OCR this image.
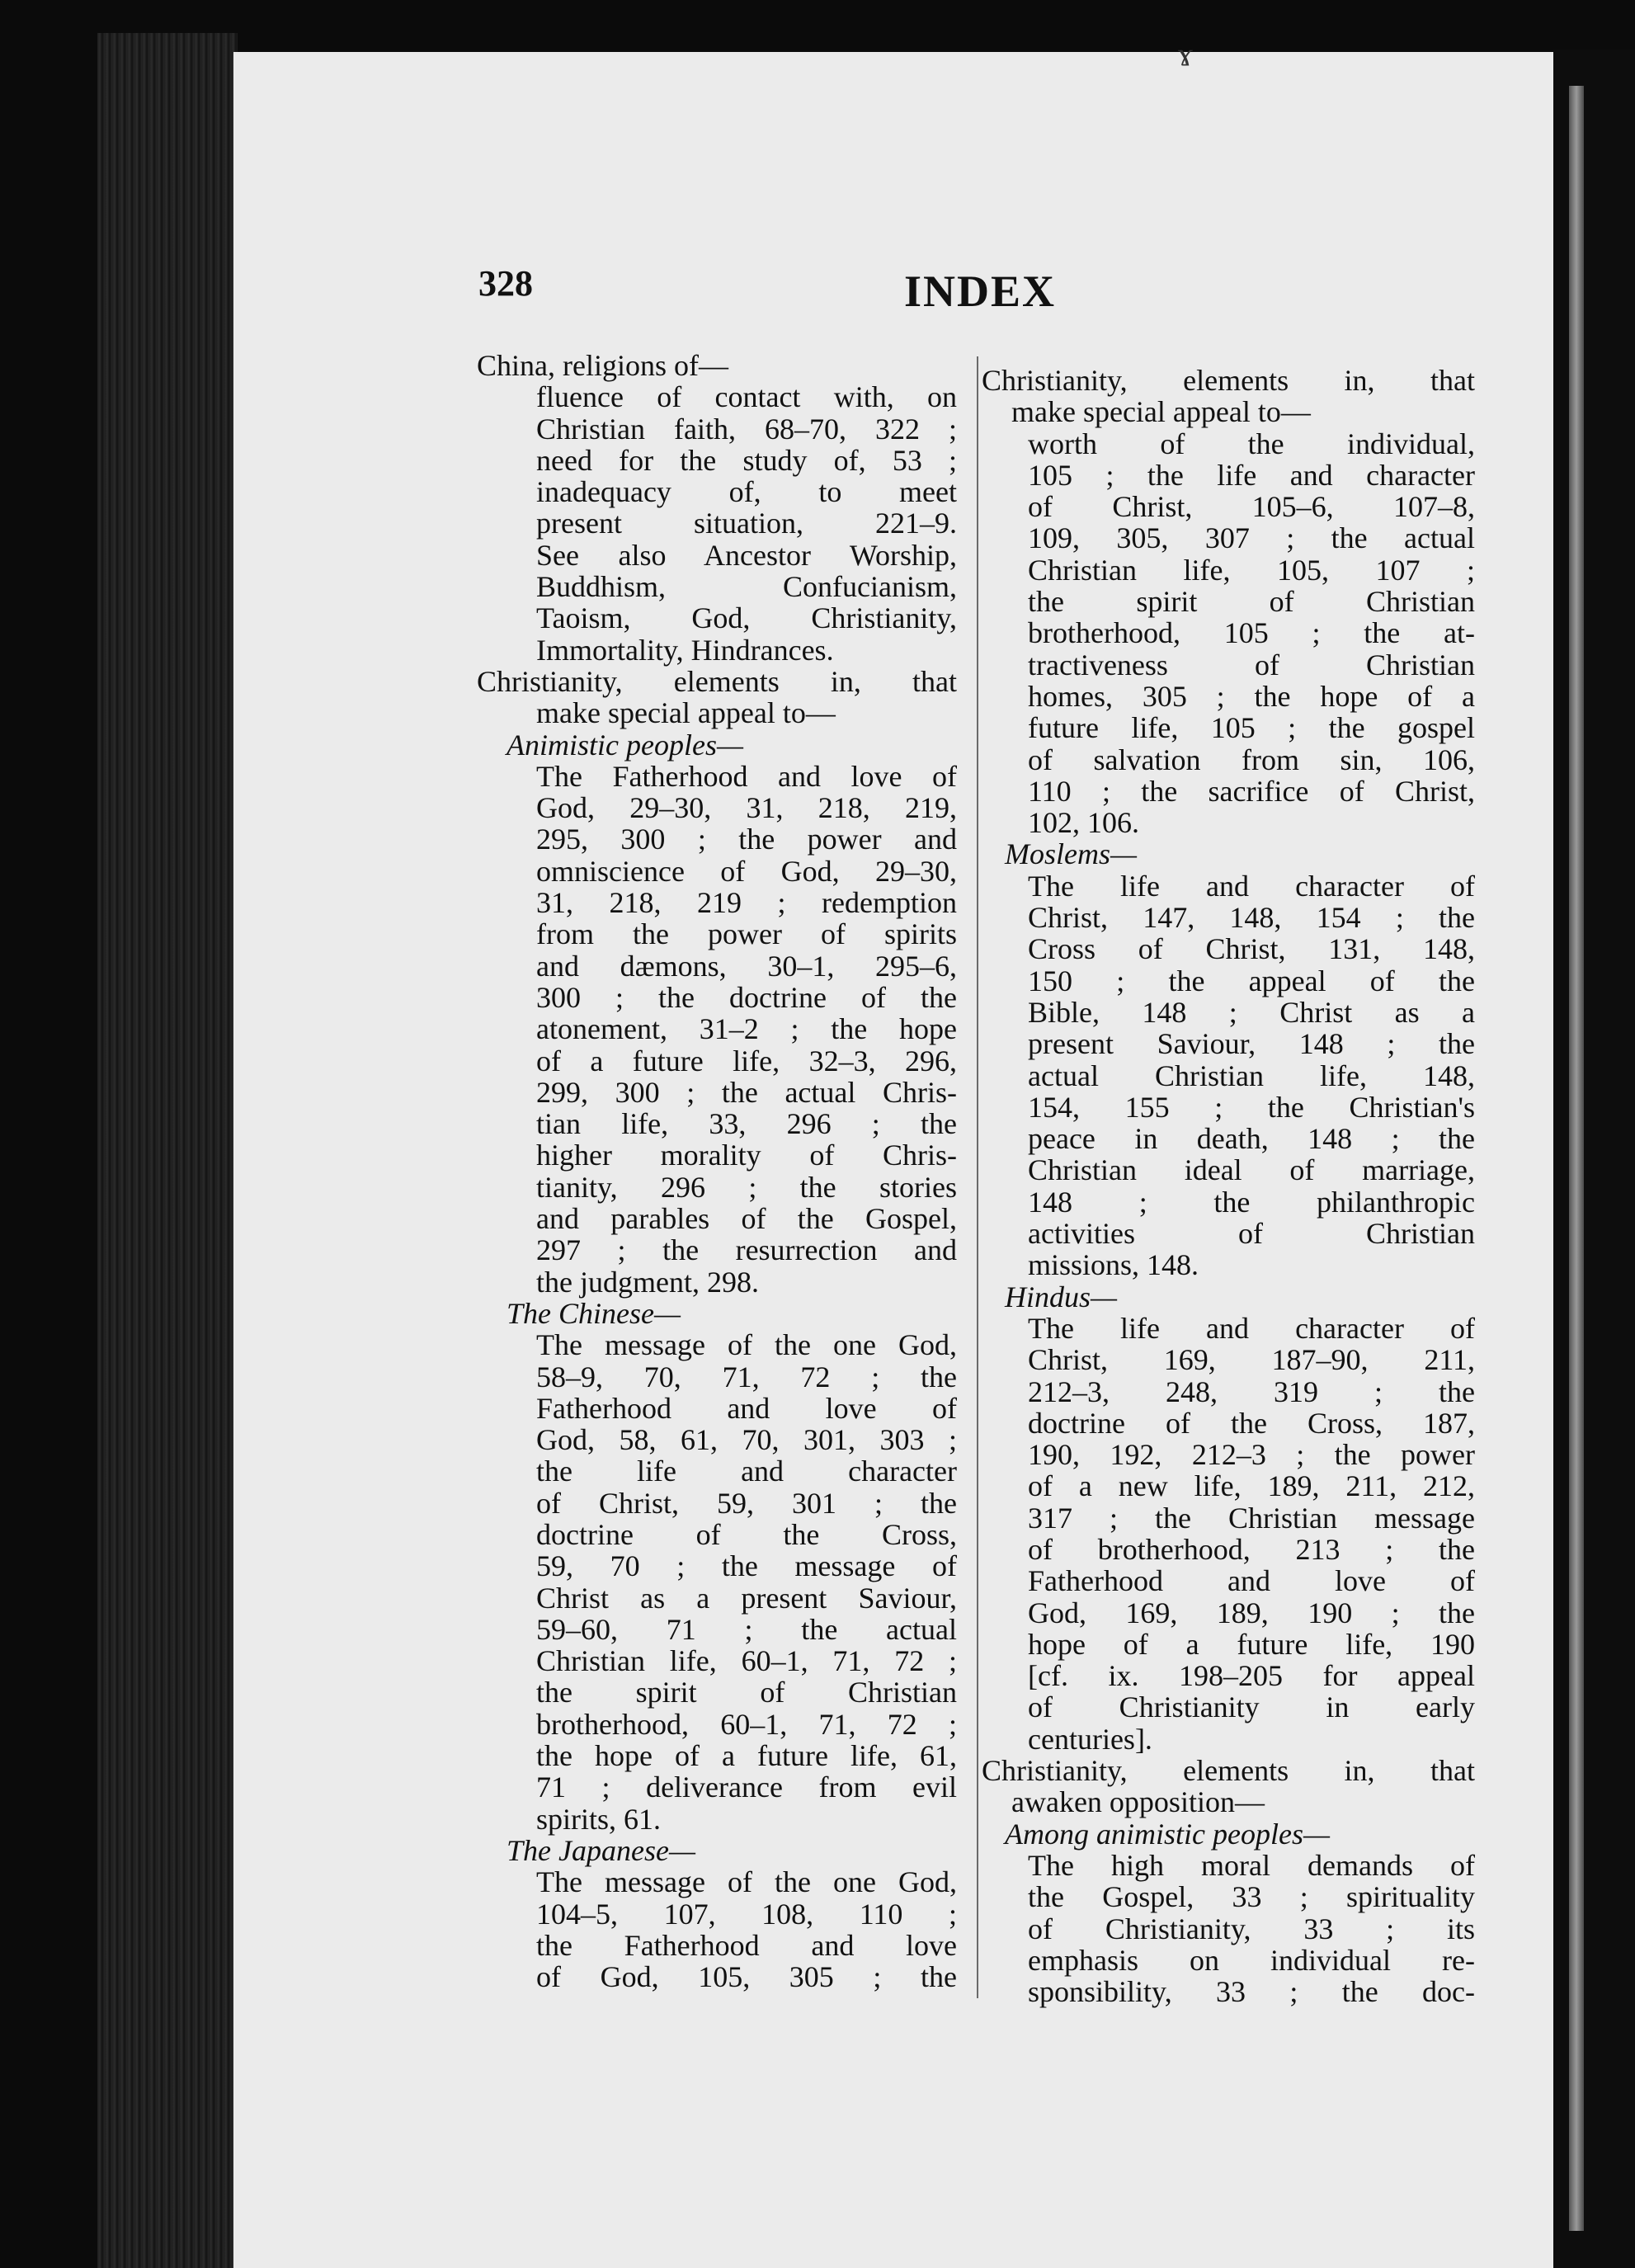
ɤ
328	INDEX
China, religions of—
fluence of contact with, on
Christian faith, 68–70, 322 ;
need for the study of, 53 ;
inadequacy of, to meet
present situation, 221–9.
See also Ancestor Worship,
Buddhism, Confucianism,
Taoism, God, Christianity,
Immortality, Hindrances.
Christianity, elements in, that
make special appeal to—
Animistic peoples—
The Fatherhood and love of
God, 29–30, 31, 218, 219,
295, 300 ; the power and
omniscience of God, 29–30,
31, 218, 219 ; redemption
from the power of spirits
and dæmons, 30–1, 295–6,
300 ; the doctrine of the
atonement, 31–2 ; the hope
of a future life, 32–3, 296,
299, 300 ; the actual Chris-
tian life, 33, 296 ; the
higher morality of Chris-
tianity, 296 ; the stories
and parables of the Gospel,
297 ; the resurrection and
the judgment, 298.
The Chinese—
The message of the one God,
58–9, 70, 71, 72 ; the
Fatherhood and love of
God, 58, 61, 70, 301, 303 ;
the life and character
of Christ, 59, 301 ; the
doctrine of the Cross,
59, 70 ; the message of
Christ as a present Saviour,
59–60, 71 ; the actual
Christian life, 60–1, 71, 72 ;
the spirit of Christian
brotherhood, 60–1, 71, 72 ;
the hope of a future life, 61,
71 ; deliverance from evil
spirits, 61.
The Japanese—
The message of the one God,
104–5, 107, 108, 110 ;
the Fatherhood and love
of God, 105, 305 ; the
Christianity, elements in, that
make special appeal to—
worth of the individual,
105 ; the life and character
of Christ, 105–6, 107–8,
109, 305, 307 ; the actual
Christian life, 105, 107 ;
the spirit of Christian
brotherhood, 105 ; the at-
tractiveness of Christian
homes, 305 ; the hope of a
future life, 105 ; the gospel
of salvation from sin, 106,
110 ; the sacrifice of Christ,
102, 106.
Moslems—
The life and character of
Christ, 147, 148, 154 ; the
Cross of Christ, 131, 148,
150 ; the appeal of the
Bible, 148 ; Christ as a
present Saviour, 148 ; the
actual Christian life, 148,
154, 155 ; the Christian's
peace in death, 148 ; the
Christian ideal of marriage,
148 ; the philanthropic
activities of Christian
missions, 148.
Hindus—
The life and character of
Christ, 169, 187–90, 211,
212–3, 248, 319 ; the
doctrine of the Cross, 187,
190, 192, 212–3 ; the power
of a new life, 189, 211, 212,
317 ; the Christian message
of brotherhood, 213 ; the
Fatherhood and love of
God, 169, 189, 190 ; the
hope of a future life, 190
[cf. ix. 198–205 for appeal
of Christianity in early
centuries].
Christianity, elements in, that
awaken opposition—
Among animistic peoples—
The high moral demands of
the Gospel, 33 ; spirituality
of Christianity, 33 ; its
emphasis on individual re-
sponsibility, 33 ; the doc-
